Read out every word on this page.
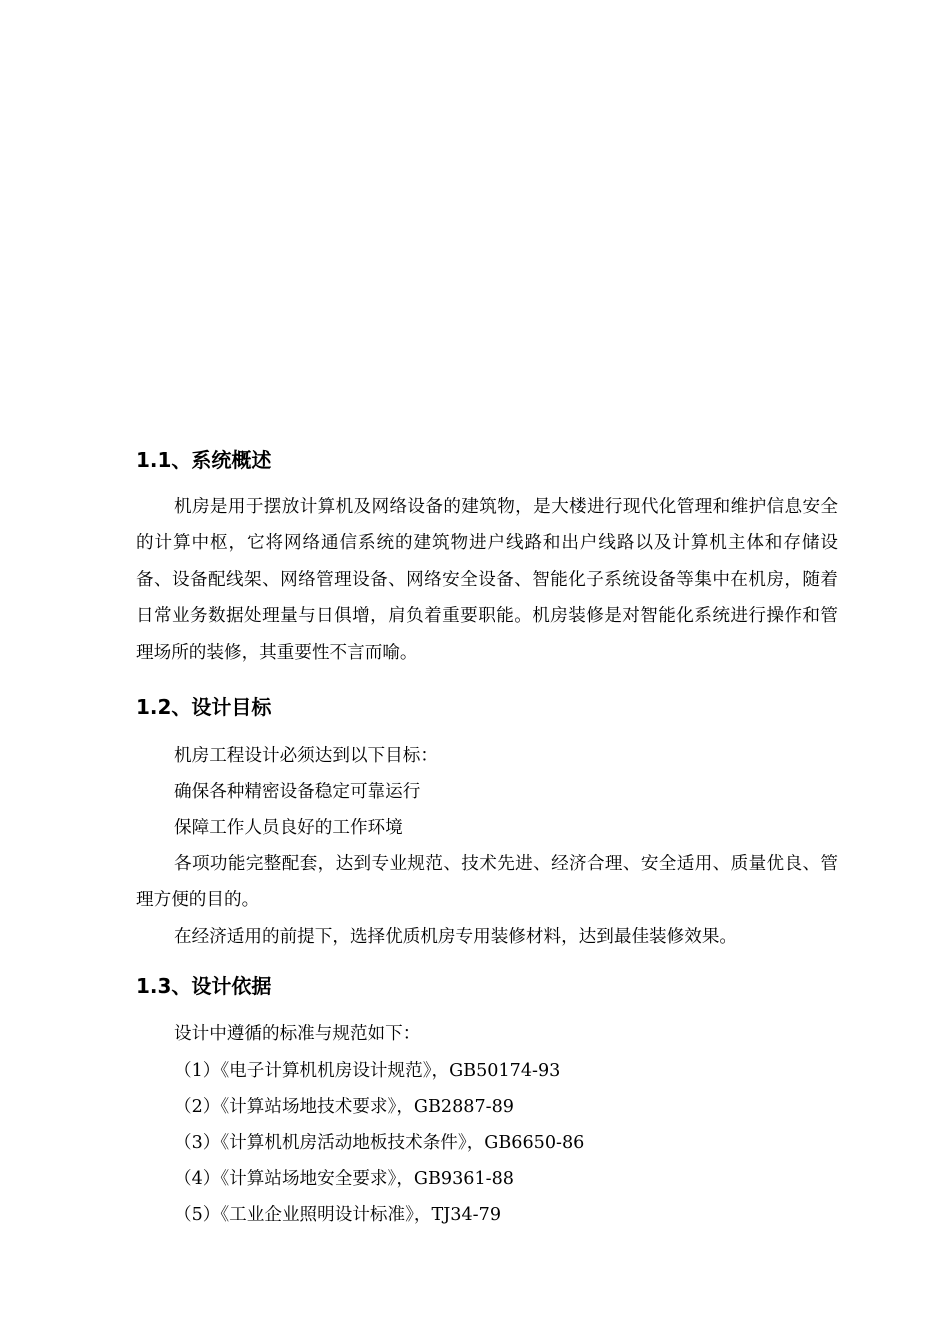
1.1、系统概述

机房是用于摆放计算机及网络设备的建筑物，是大楼进行现代化管理和维护信息安全的计算中枢，它将网络通信系统的建筑物进户线路和出户线路以及计算机主体和存储设备、设备配线架、网络管理设备、网络安全设备、智能化子系统设备等集中在机房，随着日常业务数据处理量与日俱增，肩负着重要职能。机房装修是对智能化系统进行操作和管理场所的装修，其重要性不言而喻。

1.2、设计目标

机房工程设计必须达到以下目标：

确保各种精密设备稳定可靠运行

保障工作人员良好的工作环境

各项功能完整配套，达到专业规范、技术先进、经济合理、安全适用、质量优良、管理方便的目的。

在经济适用的前提下，选择优质机房专用装修材料，达到最佳装修效果。

1.3、设计依据

设计中遵循的标准与规范如下：

（1）《电子计算机机房设计规范》，GB50174-93

（2）《计算站场地技术要求》，GB2887-89

（3）《计算机机房活动地板技术条件》，GB6650-86

（4）《计算站场地安全要求》，GB9361-88

（5）《工业企业照明设计标准》，TJ34-79
